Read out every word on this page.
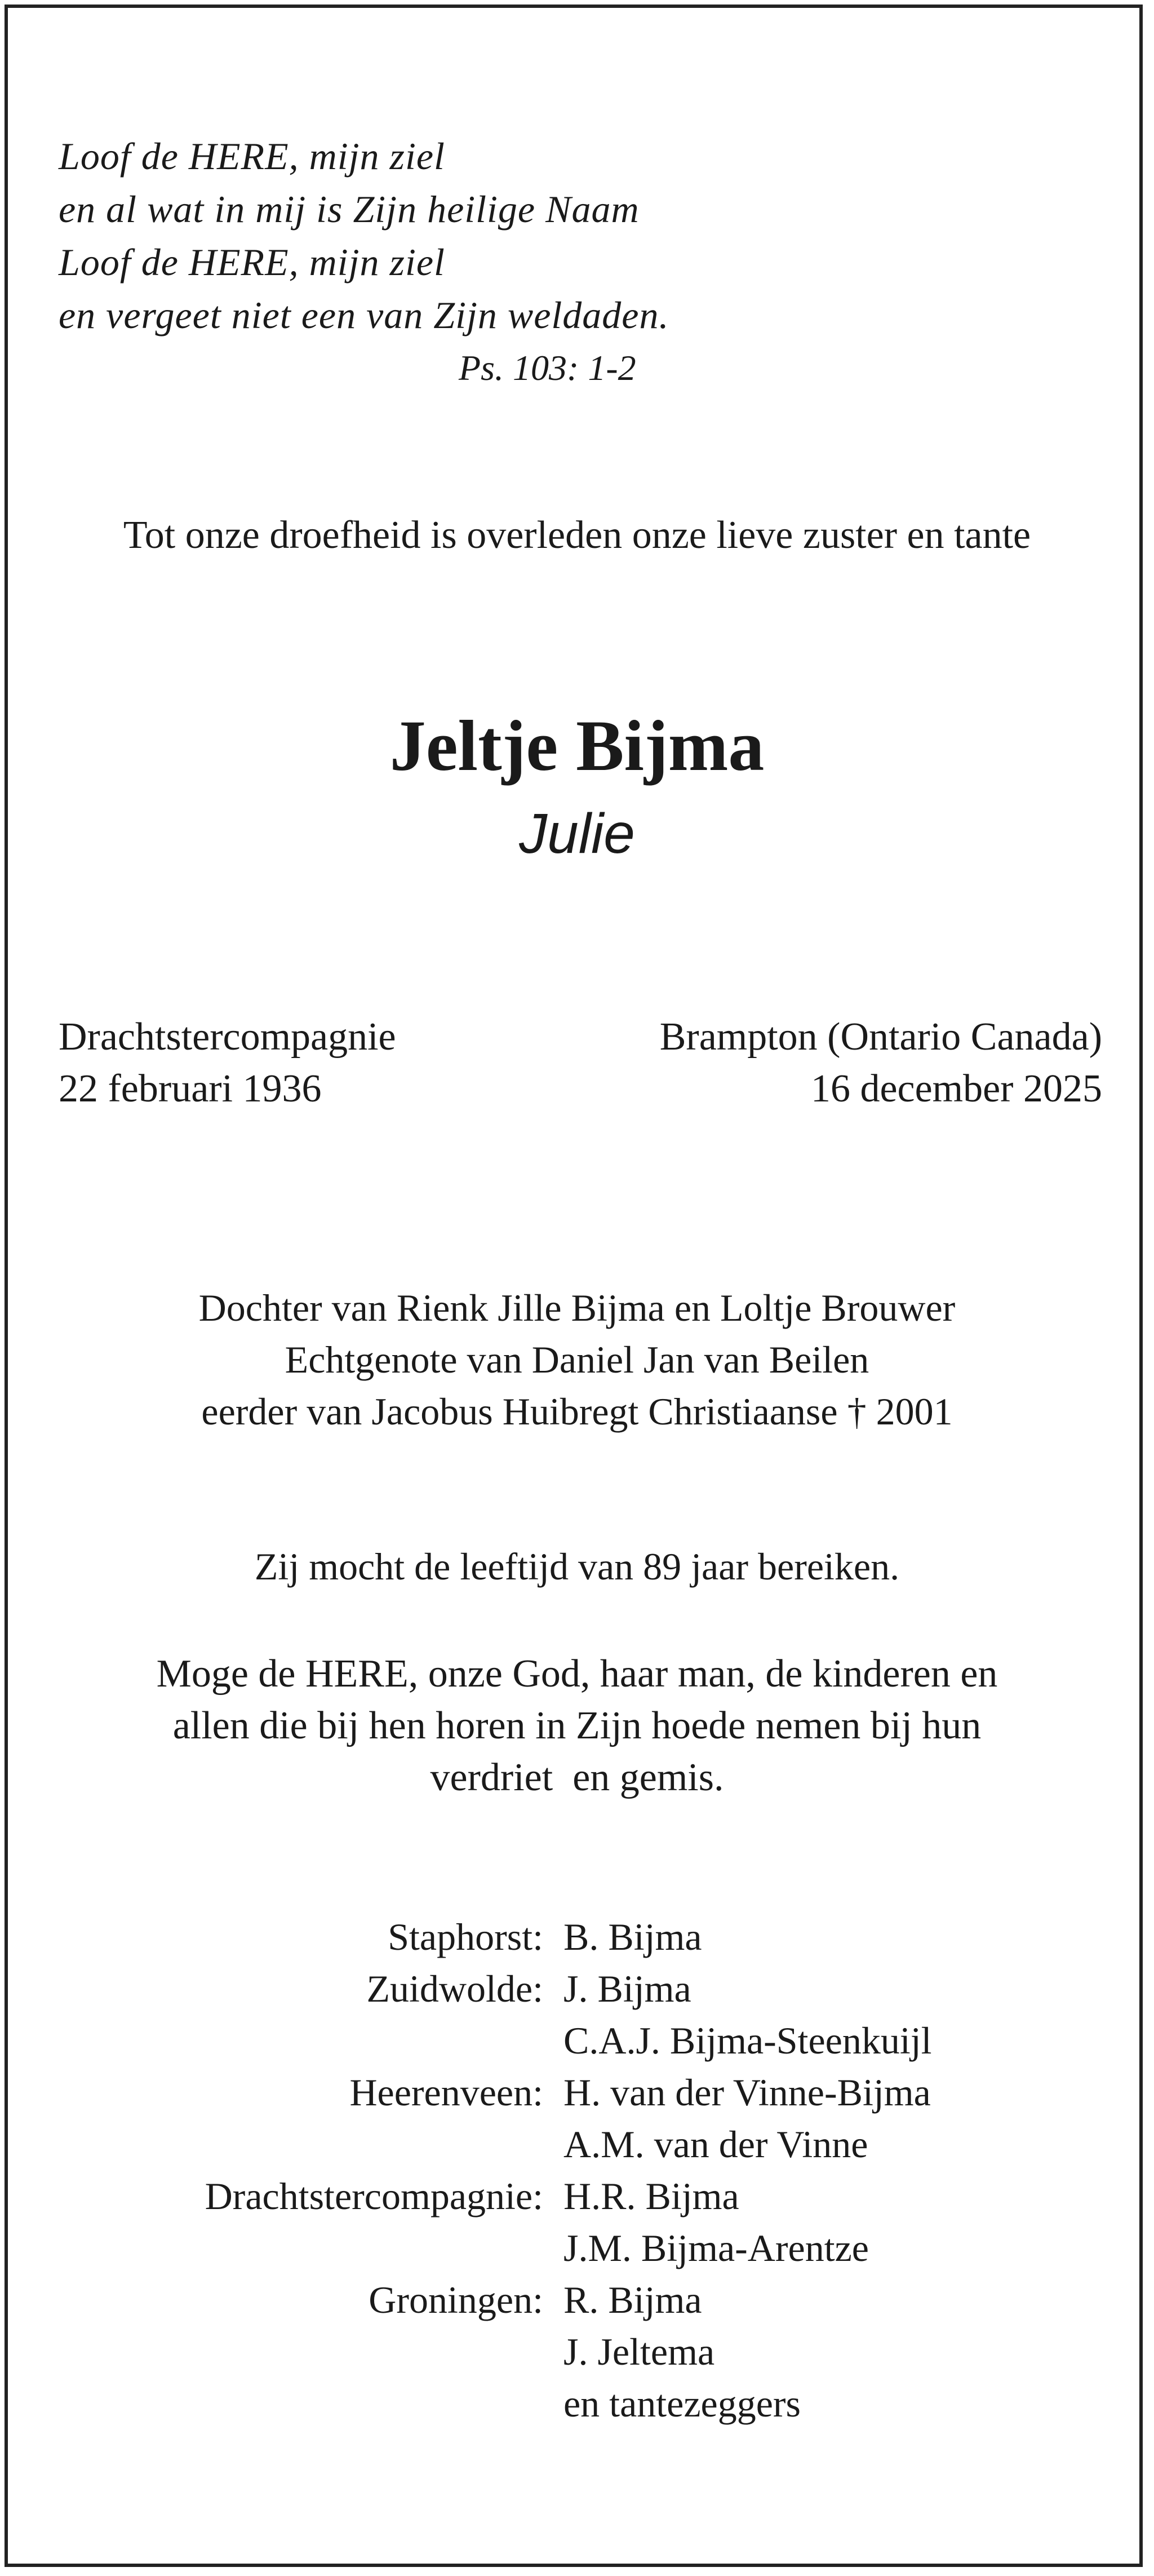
Loof de HERE, mijn ziel
en al wat in mij is Zijn heilige Naam
Loof de HERE, mijn ziel
en vergeet niet een van Zijn weldaden.
Ps. 103: 1-2
Tot onze droefheid is overleden onze lieve zuster en tante
Jeltje Bijma
Julie
Drachtstercompagnie	Brampton (Ontario Canada)
22 februari 1936	16 december 2025
Dochter van Rienk Jille Bijma en Loltje Brouwer
Echtgenote van Daniel Jan van Beilen
eerder van Jacobus Huibregt Christiaanse † 2001
Zij mocht de leeftijd van 89 jaar bereiken.
Moge de HERE, onze God, haar man, de kinderen en
allen die bij hen horen in Zijn hoede nemen bij hun
verdriet  en gemis.
Staphorst: B. Bijma
Zuidwolde: J. Bijma
C.A.J. Bijma-Steenkuijl
Heerenveen: H. van der Vinne-Bijma
A.M. van der Vinne
Drachtstercompagnie: H.R. Bijma
J.M. Bijma-Arentze
Groningen: R. Bijma
J. Jeltema
en tantezeggers
